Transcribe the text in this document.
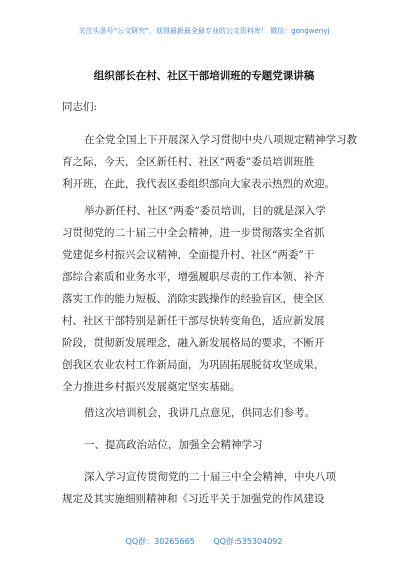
关注头条号“公文研究”，获得最新最全最专业的公文资料库！ 微信：gongwenyj
组织部长在村、社区干部培训班的专题党课讲稿
同志们:
在全党全国上下开展深入学习贯彻中央八项规定精神学习教
育之际，今天，全区新任村、社区“两委”委员培训班胜
利开班，在此，我代表区委组织部向大家表示热烈的欢迎。
举办新任村、社区“两委”委员培训，目的就是深入学
习贯彻党的二十届三中全会精神，进一步贯彻落实全省抓
党建促乡村振兴会议精神，全面提升村、社区“两委”干
部综合素质和业务水平，增强履职尽责的工作本领、补齐
落实工作的能力短板、消除实践操作的经验盲区，使全区
村、社区干部特别是新任干部尽快转变角色，适应新发展
阶段，贯彻新发展理念，融入新发展格局的要求，不断开
创我区农业农村工作新局面，为巩固拓展脱贫攻坚成果，
全力推进乡村振兴发展奠定坚实基础。
借这次培训机会，我讲几点意见，供同志们参考。
一、提高政治站位，加强全会精神学习
深入学习宣传贯彻党的二十届三中全会精神，中央八项
规定及其实施细则精神和《习近平关于加强党的作风建设
QQ群：30265665 QQ群:535304092
